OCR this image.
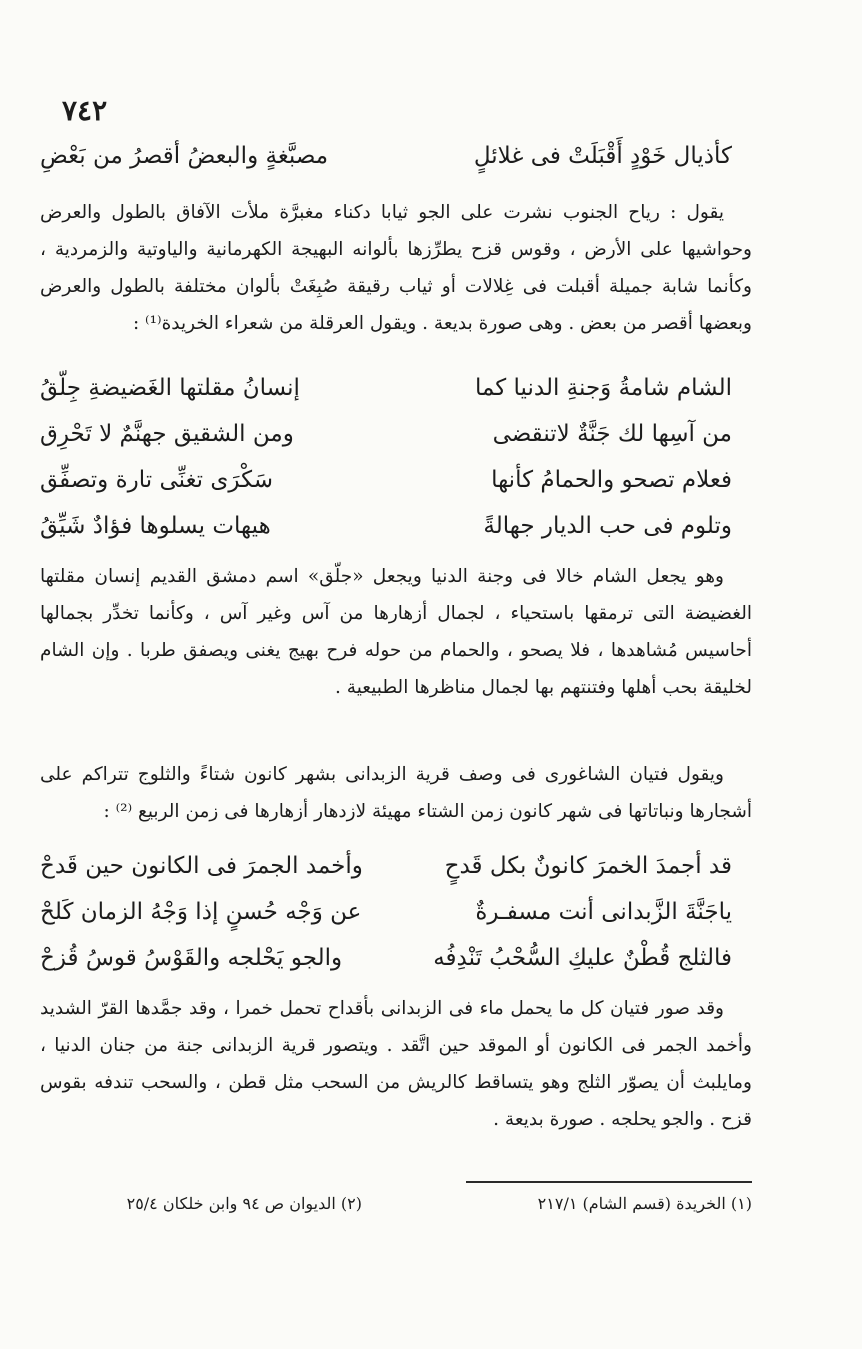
٧٤٢
كأذيال خَوْدٍ أَقْبَلَتْ فى غلائلٍ
مصبَّغةٍ والبعضُ أقصرُ من بَعْضِ

يقول : رياح الجنوب نشرت على الجو ثيابا دكناء مغبرَّة ملأت الآفاق بالطول والعرض وحواشيها على الأرض ، وقوس قزح يطرِّزها بألوانه البهيجة الكهرمانية والياوتية والزمردية ، وكأنما شابة جميلة أقبلت فى غِلالات أو ثياب رقيقة صُبِغَتْ بألوان مختلفة بالطول والعرض وبعضها أقصر من بعض . وهى صورة بديعة . ويقول العرقلة من شعراء الخريدة⁽¹⁾ :

الشام شامةُ وَجنةِ الدنيا كما
إنسانُ مقلتها الغَضيضةِ جِلّقُ
من آسِها لك جَنَّةٌ لاتنقضى
ومن الشقيق جهنَّمٌ لا تَحْرِق
فعلام تصحو والحمامُ كأنها
سَكْرَى تغنِّى تارة وتصفِّق
وتلوم فى حب الديار جهالةً
هيهات يسلوها فؤادٌ شَيِّقُ

وهو يجعل الشام خالا فى وجنة الدنيا ويجعل «جلّق» اسم دمشق القديم إنسان مقلتها الغضيضة التى ترمقها باستحياء ، لجمال أزهارها من آس وغير آس ، وكأنما تخدِّر بجمالها أحاسيس مُشاهدها ، فلا يصحو ، والحمام من حوله فرح بهيج يغنى ويصفق طربا . وإن الشام لخليقة بحب أهلها وفتنتهم بها لجمال مناظرها الطبيعية .

ويقول فتيان الشاغورى فى وصف قرية الزبدانى بشهر كانون شتاءً والثلوج تتراكم على أشجارها ونباتاتها فى شهر كانون زمن الشتاء مهيئة لازدهار أزهارها فى زمن الربيع ⁽²⁾ :

قد أجمدَ الخمرَ كانونٌ بكل قَدحٍ
وأخمد الجمرَ فى الكانون حين قَدحْ
ياجَنَّةَ الزَّبدانى أنت مسفـرةٌ
عن وَجْه حُسنٍ إذا وَجْهُ الزمان كَلحْ
فالثلج قُطْنٌ عليكِ السُّحْبُ تَنْدِفُه
والجو يَحْلجه والقَوْسُ قوسُ قُزحْ

وقد صور فتيان كل ما يحمل ماء فى الزبدانى بأقداح تحمل خمرا ، وقد جمَّدها القرّ الشديد وأخمد الجمر فى الكانون أو الموقد حين اتَّقد . ويتصور قرية الزبدانى جنة من جنان الدنيا ، ومايلبث أن يصوّر الثلج وهو يتساقط كالريش من السحب مثل قطن ، والسحب تندفه بقوس قزح . والجو يحلجه . صورة بديعة .

(١) الخريدة (قسم الشام) ٢١٧/١
(٢) الديوان ص ٩٤ وابن خلكان ٢٥/٤
